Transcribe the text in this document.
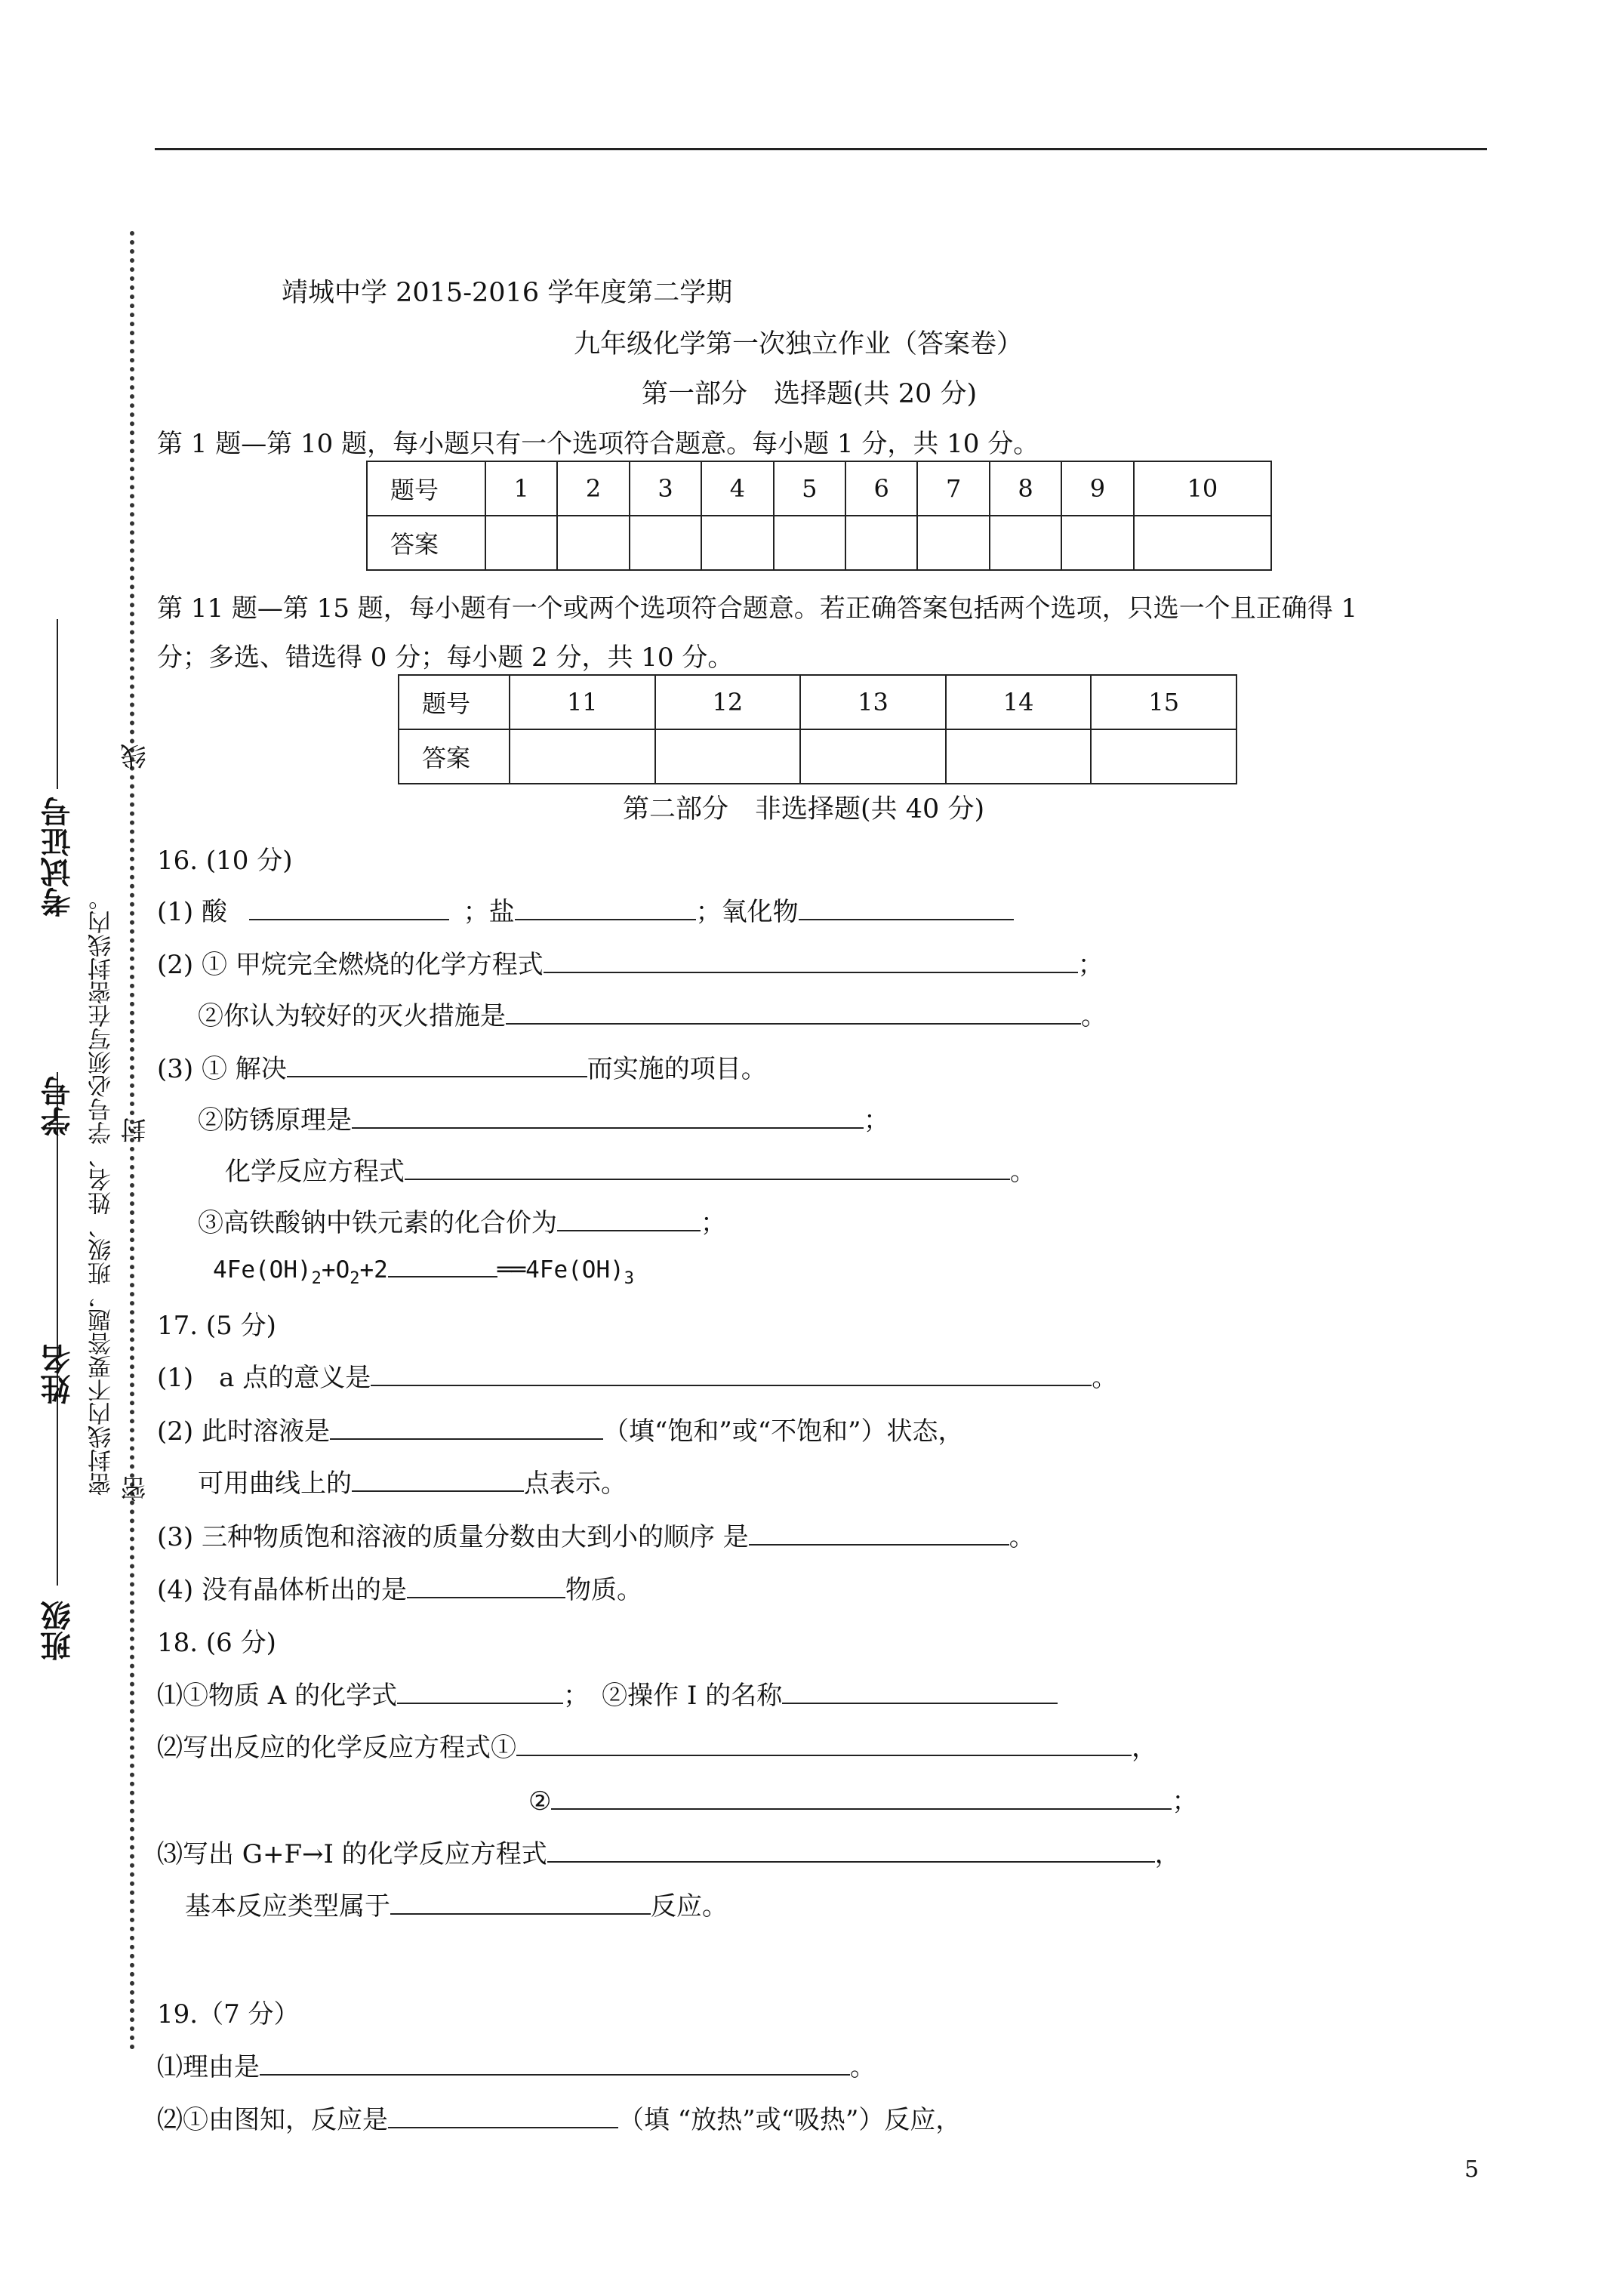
班级
姓名
学号
考试证号
密封线内不要答题，班级、姓名、学号必须写在密封线内。 密
封
线
靖城中学 2015-2016 学年度第二学期
九年级化学第一次独立作业（答案卷）
第一部分　选择题(共 20 分)
第 1 题—第 10 题，每小题只有一个选项符合题意。每小题 1 分，共 10 分。
题号	1	2	3	4	5	6	7	8	9	10
答案										
第 11 题—第 15 题，每小题有一个或两个选项符合题意。若正确答案包括两个选项，只选一个且正确得 1
分；多选、错选得 0 分；每小题 2 分，共 10 分。
题号	11	12	13	14	15
答案					
第二部分　非选择题(共 40 分)
16. (10 分)
(1) 酸	；盐	；氧化物
(2) ① 甲烷完全燃烧的化学方程式	；
②你认为较好的灭火措施是	。
(3) ① 解决	而实施的项目。
②防锈原理是	；
化学反应方程式	。
③高铁酸钠中铁元素的化合价为	；
$4Fe(OH)_2+O_2+2$	$══4Fe(OH)_3$
17. (5 分)
(1)　a 点的意义是	。
(2) 此时溶液是	（填“饱和”或“不饱和”）状态，
可用曲线上的	点表示。
(3) 三种物质饱和溶液的质量分数由大到小的顺序 是	。
(4) 没有晶体析出的是	物质。
18. (6 分)
⑴①物质 A 的化学式	；　②操作 I 的名称
⑵写出反应的化学反应方程式①	，
②	；
⑶写出 G+F→I 的化学反应方程式	，
基本反应类型属于	反应。
19.（7 分）
⑴理由是	。
⑵①由图知，反应是	（填 “放热”或“吸热”）反应，
5
